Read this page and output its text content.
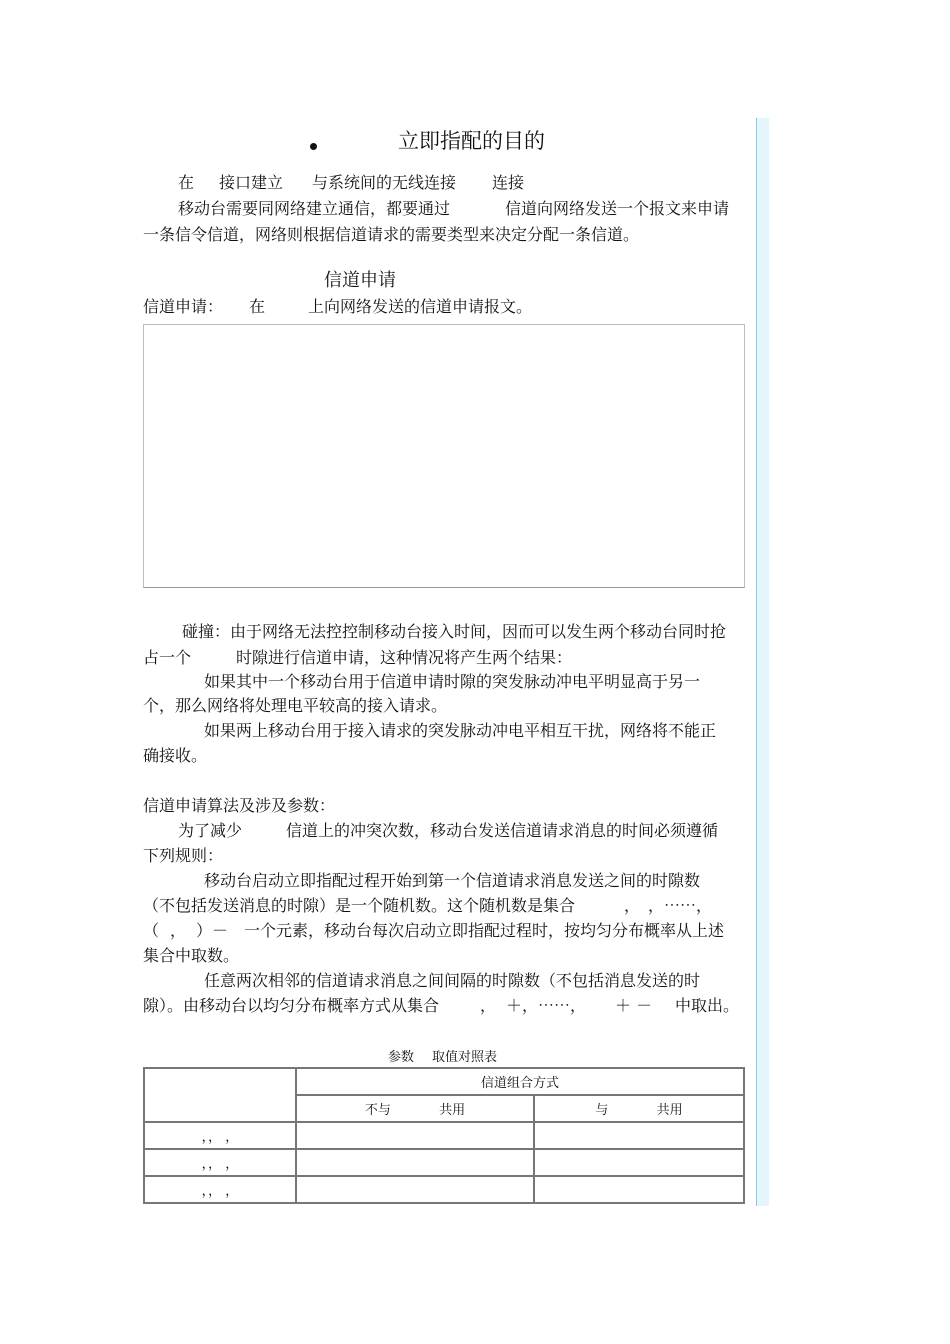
立即指配的目的
在 接口建立 与系统间的无线连接 连接
移动台需要同网络建立通信，都要通过	信道向网络发送一个报文来申请
一条信令信道，网络则根据信道请求的需要类型来决定分配一条信道。
信道申请
信道申请： 在	上向网络发送的信道申请报文。
碰撞：由于网络无法控控制移动台接入时间，因而可以发生两个移动台同时抢
占一个	时隙进行信道申请，这种情况将产生两个结果：
如果其中一个移动台用于信道申请时隙的突发脉动冲电平明显高于另一
个，那么网络将处理电平较高的接入请求。
如果两上移动台用于接入请求的突发脉动冲电平相互干扰，网络将不能正
确接收。
信道申请算法及涉及参数：
为了减少	信道上的冲突次数，移动台发送信道请求消息的时间必须遵循
下列规则：
移动台启动立即指配过程开始到第一个信道请求消息发送之间的时隙数
（不包括发送消息的时隙）是一个随机数。这个随机数是集合	， ，⋯⋯，
（ ， ）－ 一个元素，移动台每次启动立即指配过程时，按均匀分布概率从上述
集合中取数。
任意两次相邻的信道请求消息之间间隔的时隙数（不包括消息发送的时
隙）。由移动台以均匀分布概率方式从集合	， ＋，⋯⋯， ＋ － 中取出。
参数 取值对照表
	信道组合方式	
	不与 共用	与 共用
，， ，		
，， ，		
，， ，		
